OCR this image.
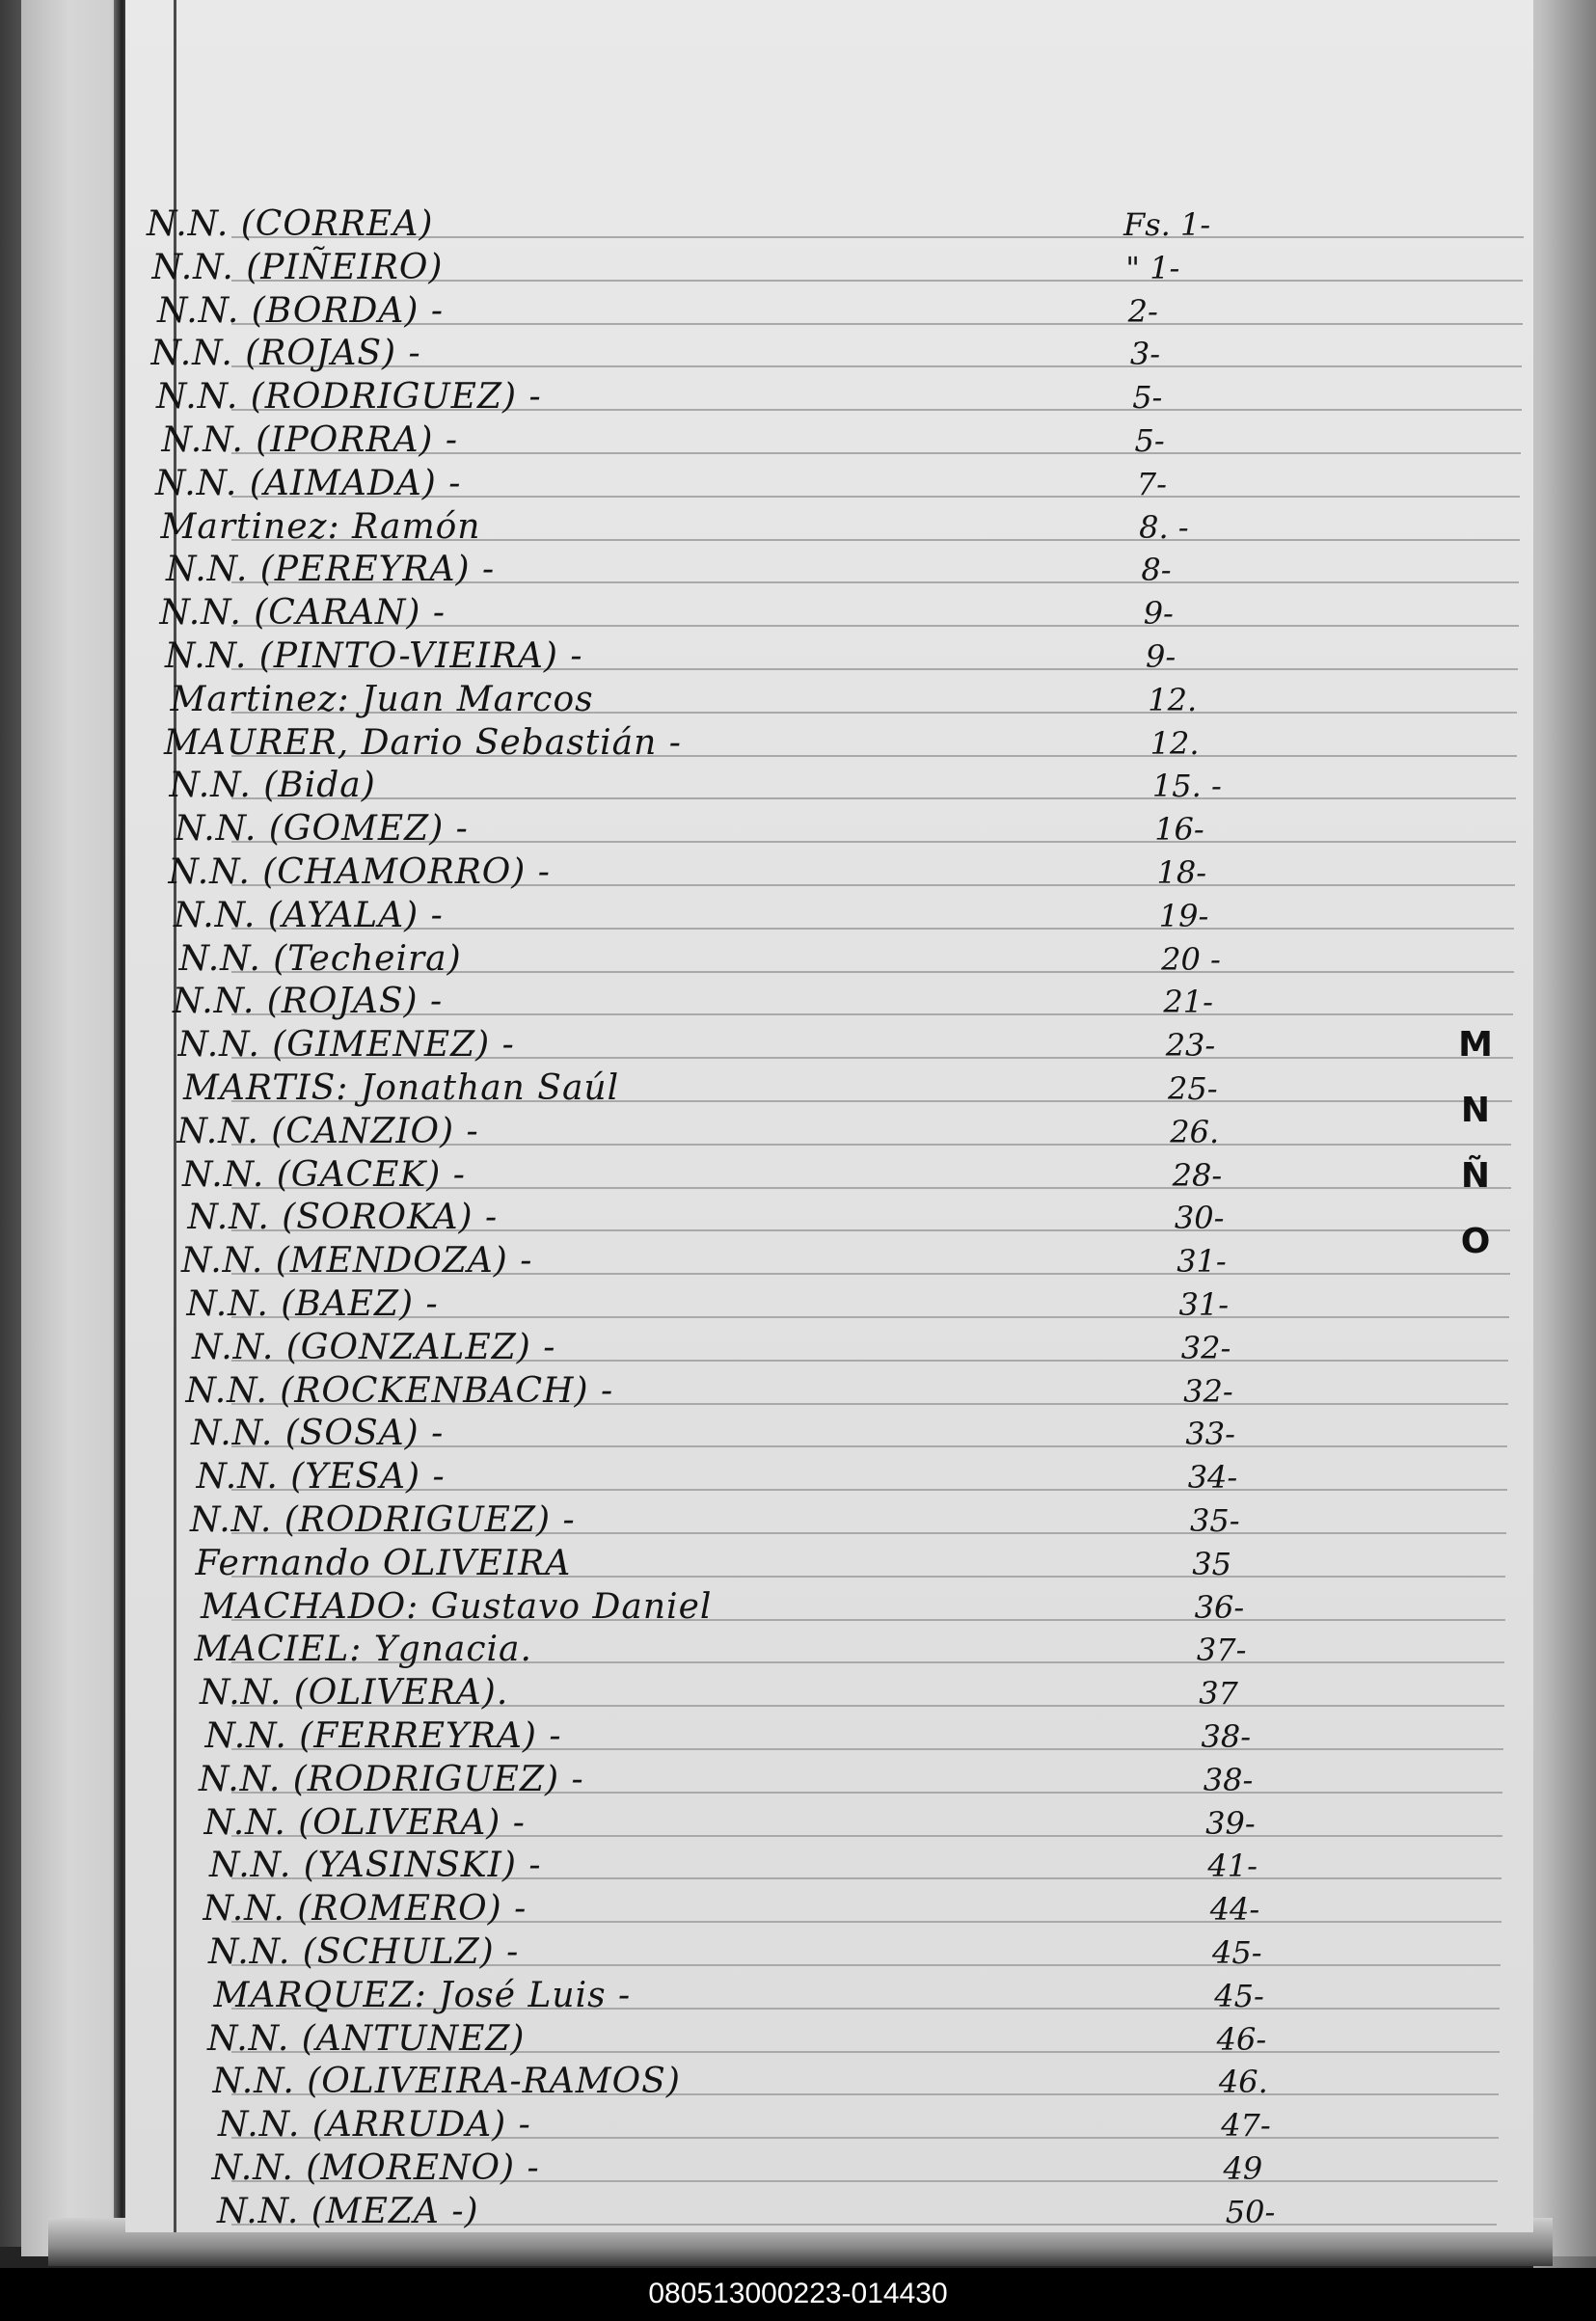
N.N. (CORREA)	Fs. 1-
N.N. (PIÑEIRO)	" 1-
N.N. (BORDA) -	2-
N.N. (ROJAS) -	3-
N.N. (RODRIGUEZ) -	5-
N.N. (IPORRA) -	5-
N.N. (AIMADA) -	7-
Martinez: Ramón	8. -
N.N. (PEREYRA) -	8-
N.N. (CARAN) -	9-
N.N. (PINTO-VIEIRA) -	9-
Martinez: Juan Marcos	12.
MAURER, Dario Sebastián -	12.
N.N. (Bida)	15. -
N.N. (GOMEZ) -	16-
N.N. (CHAMORRO) -	18-
N.N. (AYALA) -	19-
N.N. (Techeira)	20 -
N.N. (ROJAS) -	21-
N.N. (GIMENEZ) -	23-
MARTIS: Jonathan Saúl	25-
N.N. (CANZIO) -	26.
N.N. (GACEK) -	28-
N.N. (SOROKA) -	30-
N.N. (MENDOZA) -	31-
N.N. (BAEZ) -	31-
N.N. (GONZALEZ) -	32-
N.N. (ROCKENBACH) -	32-
N.N. (SOSA) -	33-
N.N. (YESA) -	34-
N.N. (RODRIGUEZ) -	35-
Fernando OLIVEIRA	35
MACHADO: Gustavo Daniel	36-
MACIEL: Ygnacia.	37-
N.N. (OLIVERA).	37
N.N. (FERREYRA) -	38-
N.N. (RODRIGUEZ) -	38-
N.N. (OLIVERA) -	39-
N.N. (YASINSKI) -	41-
N.N. (ROMERO) -	44-
N.N. (SCHULZ) -	45-
MARQUEZ: José Luis -	45-
N.N. (ANTUNEZ)	46-
N.N. (OLIVEIRA-RAMOS)	46.
N.N. (ARRUDA) -	47-
N.N. (MORENO) -	49
N.N. (MEZA -)	50-
M
N
Ñ
O
080513000223-014430
